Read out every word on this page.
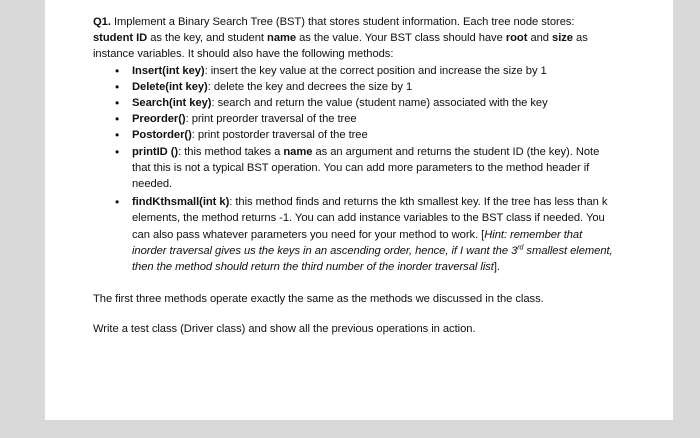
Q1. Implement a Binary Search Tree (BST) that stores student information. Each tree node stores: student ID as the key, and student name as the value. Your BST class should have root and size as instance variables. It should also have the following methods:

• Insert(int key): insert the key value at the correct position and increase the size by 1
• Delete(int key): delete the key and decrees the size by 1
• Search(int key): search and return the value (student name) associated with the key
• Preorder(): print preorder traversal of the tree
• Postorder(): print postorder traversal of the tree
• printID (): this method takes a name as an argument and returns the student ID (the key). Note that this is not a typical BST operation. You can add more parameters to the method header if needed.
• findKthsmall(int k): this method finds and returns the kth smallest key. If the tree has less than k elements, the method returns -1. You can add instance variables to the BST class if needed. You can also pass whatever parameters you need for your method to work. [Hint: remember that inorder traversal gives us the keys in an ascending order, hence, if I want the 3rd smallest element, then the method should return the third number of the inorder traversal list].

The first three methods operate exactly the same as the methods we discussed in the class.

Write a test class (Driver class) and show all the previous operations in action.
